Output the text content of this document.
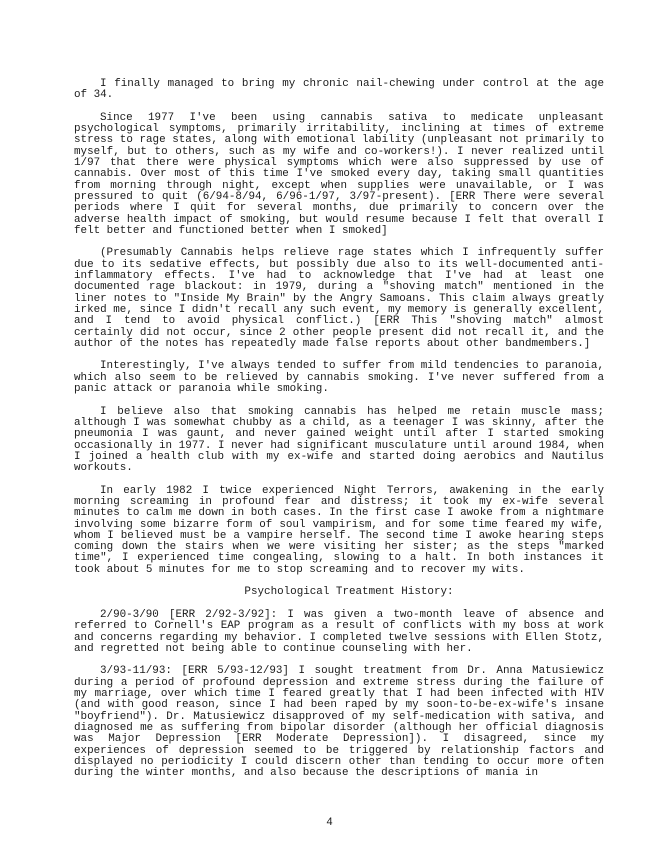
I finally managed to bring my chronic nail-chewing under control at the age of 34.

Since 1977 I've been using cannabis sativa to medicate unpleasant psychological symptoms, primarily irritability, inclining at times of extreme stress to rage states, along with emotional lability (unpleasant not primarily to myself, but to others, such as my wife and co-workers!). I never realized until 1/97 that there were physical symptoms which were also suppressed by use of cannabis. Over most of this time I've smoked every day, taking small quantities from morning through night, except when supplies were unavailable, or I was pressured to quit (6/94-8/94, 6/96-1/97, 3/97-present). [ERR There were several periods where I quit for several months, due primarily to concern over the adverse health impact of smoking, but would resume because I felt that overall I felt better and functioned better when I smoked]

(Presumably Cannabis helps relieve rage states which I infrequently suffer due to its sedative effects, but possibly due also to its well-documented anti-inflammatory effects. I've had to acknowledge that I've had at least one documented rage blackout: in 1979, during a "shoving match" mentioned in the liner notes to "Inside My Brain" by the Angry Samoans. This claim always greatly irked me, since I didn't recall any such event, my memory is generally excellent, and I tend to avoid physical conflict.) [ERR This "shoving match" almost certainly did not occur, since 2 other people present did not recall it, and the author of the notes has repeatedly made false reports about other bandmembers.]

Interestingly, I've always tended to suffer from mild tendencies to paranoia, which also seem to be relieved by cannabis smoking. I've never suffered from a panic attack or paranoia while smoking.

I believe also that smoking cannabis has helped me retain muscle mass; although I was somewhat chubby as a child, as a teenager I was skinny, after the pneumonia I was gaunt, and never gained weight until after I started smoking occasionally in 1977. I never had significant musculature until around 1984, when I joined a health club with my ex-wife and started doing aerobics and Nautilus workouts.

In early 1982 I twice experienced Night Terrors, awakening in the early morning screaming in profound fear and distress; it took my ex-wife several minutes to calm me down in both cases. In the first case I awoke from a nightmare involving some bizarre form of soul vampirism, and for some time feared my wife, whom I believed must be a vampire herself. The second time I awoke hearing steps coming down the stairs when we were visiting her sister; as the steps "marked time", I experienced time congealing, slowing to a halt. In both instances it took about 5 minutes for me to stop screaming and to recover my wits.

Psychological Treatment History:

2/90-3/90 [ERR 2/92-3/92]: I was given a two-month leave of absence and referred to Cornell's EAP program as a result of conflicts with my boss at work and concerns regarding my behavior. I completed twelve sessions with Ellen Stotz, and regretted not being able to continue counseling with her.

3/93-11/93: [ERR 5/93-12/93] I sought treatment from Dr. Anna Matusiewicz during a period of profound depression and extreme stress during the failure of my marriage, over which time I feared greatly that I had been infected with HIV (and with good reason, since I had been raped by my soon-to-be-ex-wife's insane "boyfriend"). Dr. Matusiewicz disapproved of my self-medication with sativa, and diagnosed me as suffering from bipolar disorder (although her official diagnosis was Major Depression [ERR Moderate Depression]). I disagreed, since my experiences of depression seemed to be triggered by relationship factors and displayed no periodicity I could discern other than tending to occur more often during the winter months, and also because the descriptions of mania in

4
